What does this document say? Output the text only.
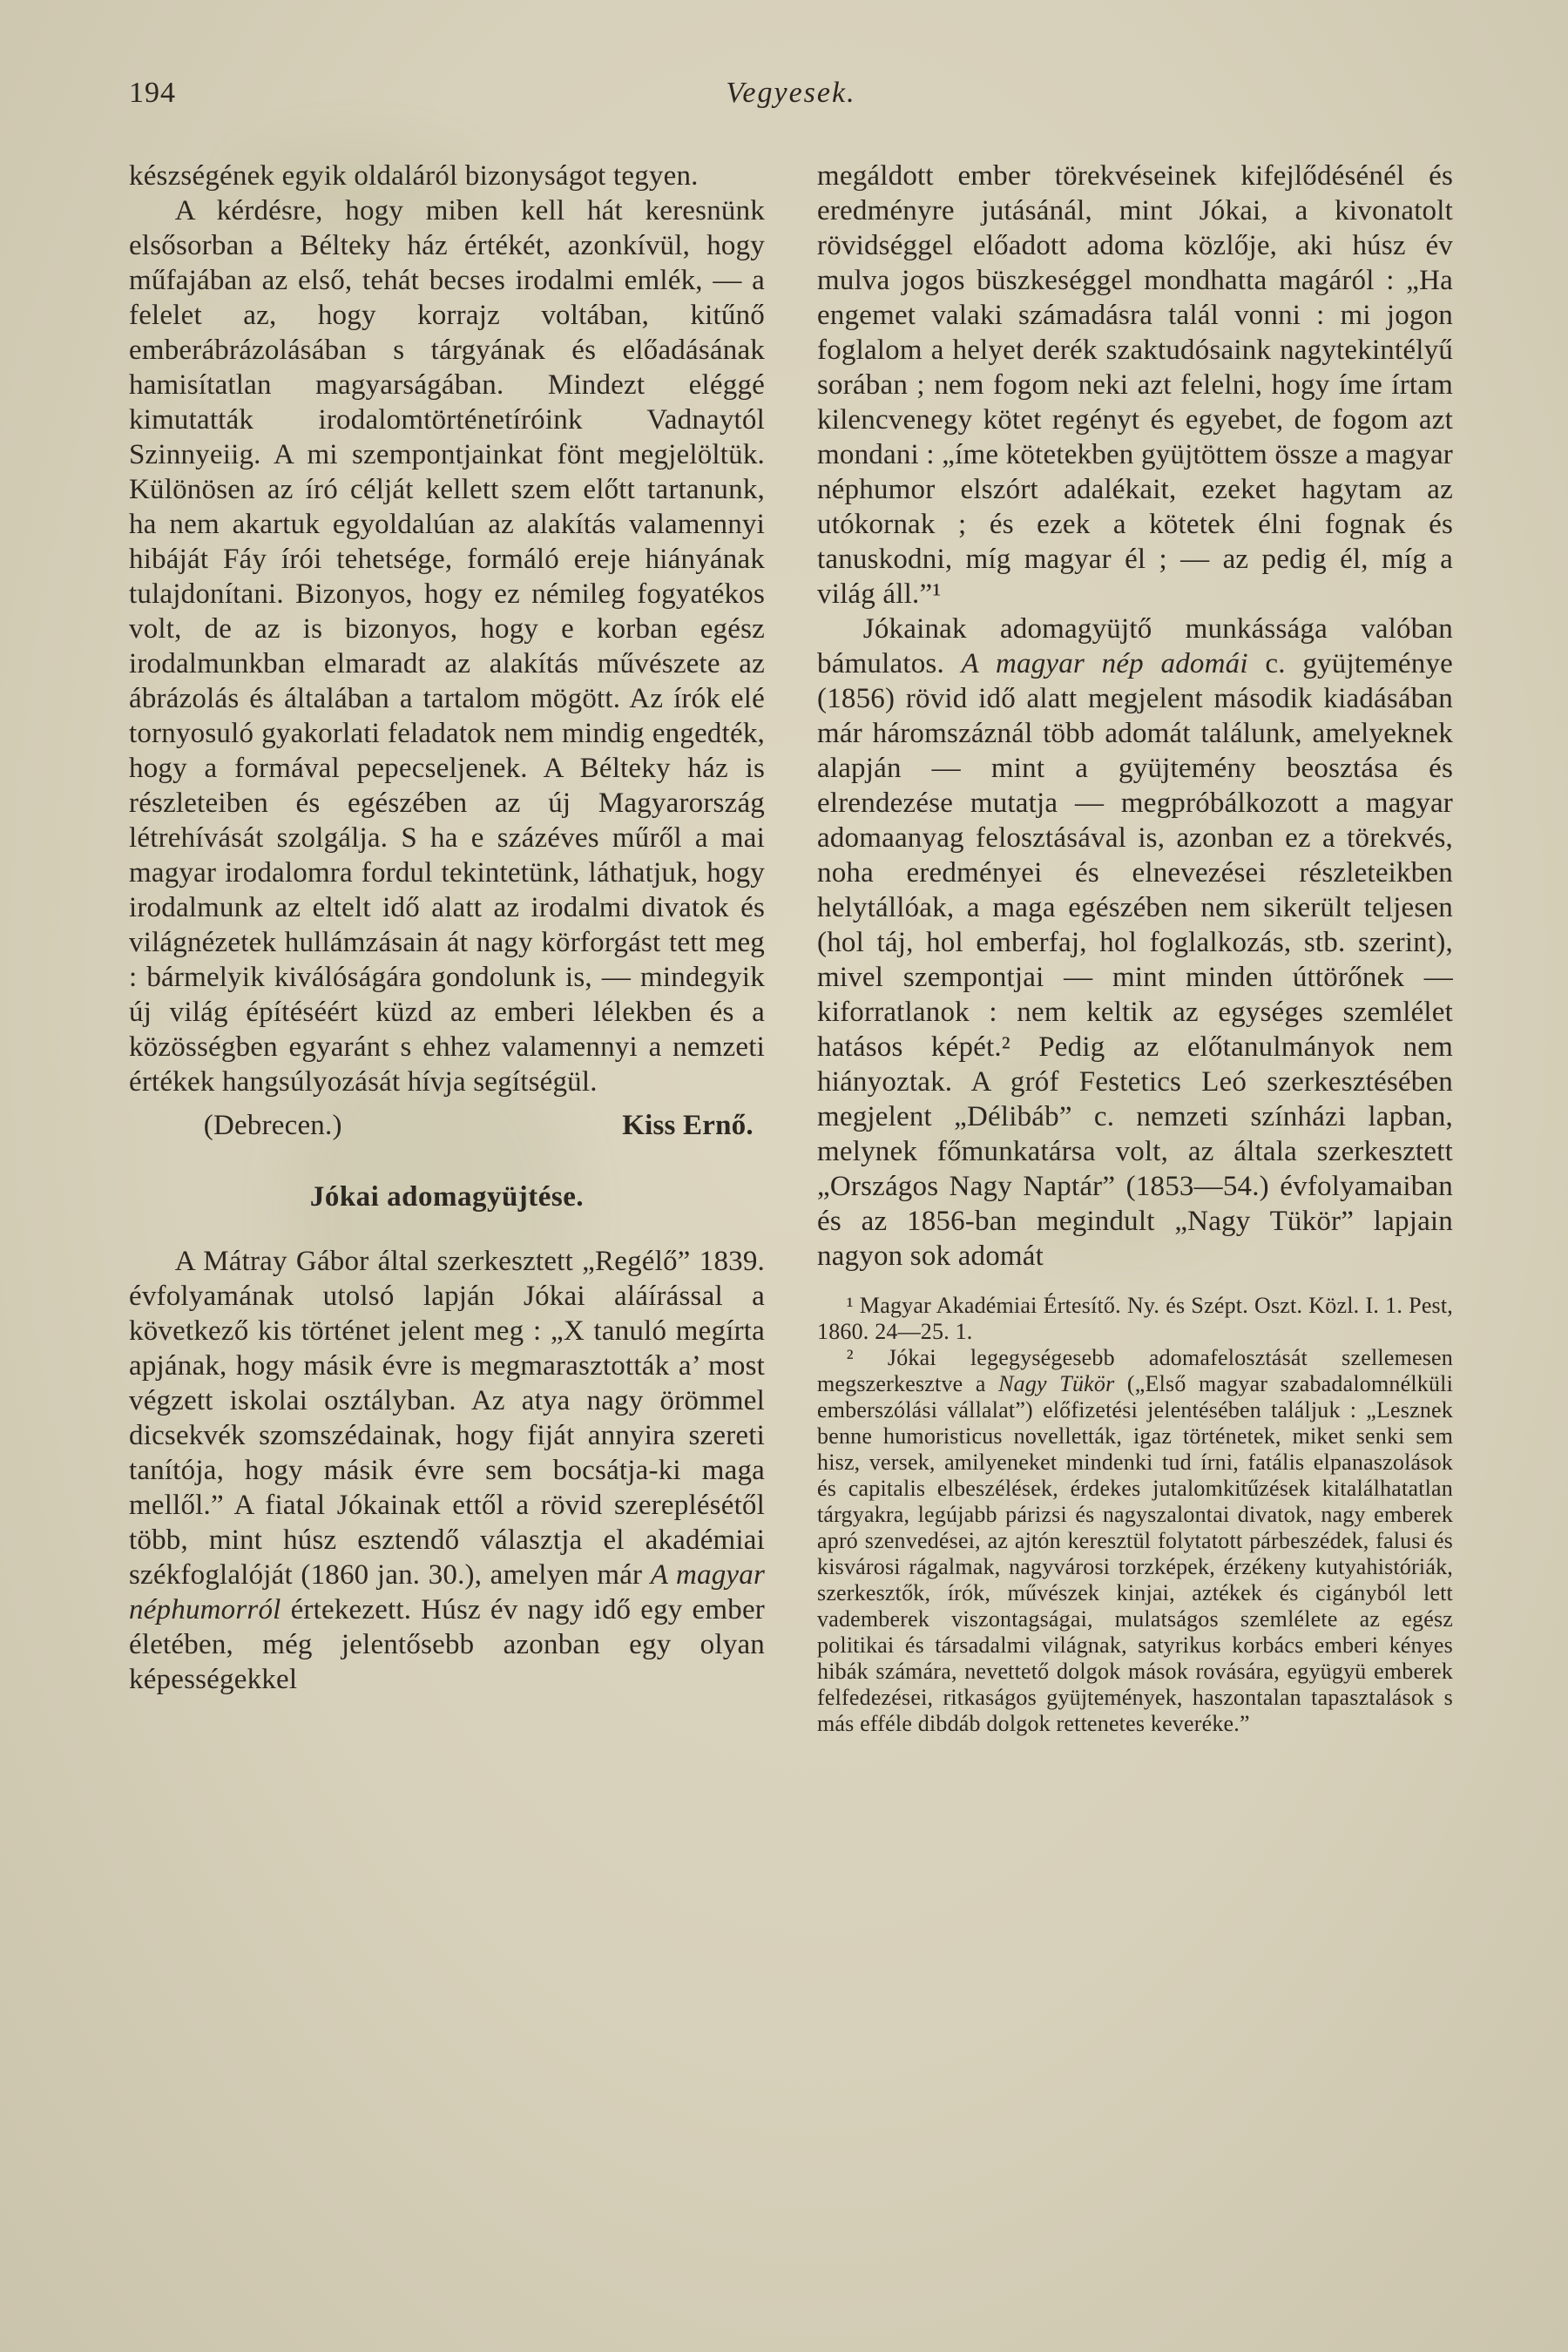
194	Vegyesek.

készségének egyik oldaláról bizonyságot tegyen.

A kérdésre, hogy miben kell hát keresnünk elsősorban a Bélteky ház értékét, azonkívül, hogy műfajában az első, tehát becses irodalmi emlék, — a felelet az, hogy korrajz voltában, kitűnő emberábrázolásában s tárgyának és előadásának hamisítatlan magyarságában. Mindezt eléggé kimutatták irodalomtörténetíróink Vadnaytól Szinnyeiig. A mi szempontjainkat fönt megjelöltük. Különösen az író célját kellett szem előtt tartanunk, ha nem akartuk egyoldalúan az alakítás valamennyi hibáját Fáy írói tehetsége, formáló ereje hiányának tulajdonítani. Bizonyos, hogy ez némileg fogyatékos volt, de az is bizonyos, hogy e korban egész irodalmunkban elmaradt az alakítás művészete az ábrázolás és általában a tartalom mögött. Az írók elé tornyosuló gyakorlati feladatok nem mindig engedték, hogy a formával pepecseljenek. A Bélteky ház is részleteiben és egészében az új Magyarország létrehívását szolgálja. S ha e százéves műről a mai magyar irodalomra fordul tekintetünk, láthatjuk, hogy irodalmunk az eltelt idő alatt az irodalmi divatok és világnézetek hullámzásain át nagy körforgást tett meg : bármelyik kiválóságára gondolunk is, — mindegyik új világ építéséért küzd az emberi lélekben és a közösségben egyaránt s ehhez valamennyi a nemzeti értékek hangsúlyozását hívja segítségül.

(Debrecen.)	Kiss Ernő.
Jókai adomagyüjtése.

A Mátray Gábor által szerkesztett „Regélő” 1839. évfolyamának utolsó lapján Jókai aláírással a következő kis történet jelent meg : „X tanuló megírta apjának, hogy másik évre is megmarasztották a’ most végzett iskolai osztályban. Az atya nagy örömmel dicsekvék szomszédainak, hogy fiját annyira szereti tanítója, hogy másik évre sem bocsátja-ki maga mellől.” A fiatal Jókainak ettől a rövid szereplésétől több, mint húsz esztendő választja el akadémiai székfoglalóját (1860 jan. 30.), amelyen már A magyar néphumorról értekezett. Húsz év nagy idő egy ember életében, még jelentősebb azonban egy olyan képességekkel

megáldott ember törekvéseinek kifejlődésénél és eredményre jutásánál, mint Jókai, a kivonatolt rövidséggel előadott adoma közlője, aki húsz év mulva jogos büszkeséggel mondhatta magáról : „Ha engemet valaki számadásra talál vonni : mi jogon foglalom a helyet derék szaktudósaink nagytekintélyű sorában ; nem fogom neki azt felelni, hogy íme írtam kilencvenegy kötet regényt és egyebet, de fogom azt mondani : „íme kötetekben gyüjtöttem össze a magyar néphumor elszórt adalékait, ezeket hagytam az utókornak ; és ezek a kötetek élni fognak és tanuskodni, míg magyar él ; — az pedig él, míg a világ áll.”¹

Jókainak adomagyüjtő munkássága valóban bámulatos. A magyar nép adomái c. gyüjteménye (1856) rövid idő alatt megjelent második kiadásában már háromszáznál több adomát találunk, amelyeknek alapján — mint a gyüjtemény beosztása és elrendezése mutatja — megpróbálkozott a magyar adomaanyag felosztásával is, azonban ez a törekvés, noha eredményei és elnevezései részleteikben helytállóak, a maga egészében nem sikerült teljesen (hol táj, hol emberfaj, hol foglalkozás, stb. szerint), mivel szempontjai — mint minden úttörőnek — kiforratlanok : nem keltik az egységes szemlélet hatásos képét.² Pedig az előtanulmányok nem hiányoztak. A gróf Festetics Leó szerkesztésében megjelent „Délibáb” c. nemzeti színházi lapban, melynek főmunkatársa volt, az általa szerkesztett „Országos Nagy Naptár” (1853—54.) évfolyamaiban és az 1856-ban megindult „Nagy Tükör” lapjain nagyon sok adomát

¹ Magyar Akadémiai Értesítő. Ny. és Szépt. Oszt. Közl. I. 1. Pest, 1860. 24—25. 1.

² Jókai legegységesebb adomafelosztását szellemesen megszerkesztve a Nagy Tükör („Első magyar szabadalomnélküli emberszólási vállalat”) előfizetési jelentésében találjuk : „Lesznek benne humoristicus novelletták, igaz történetek, miket senki sem hisz, versek, amilyeneket mindenki tud írni, fatális elpanaszolások és capitalis elbeszélések, érdekes jutalomkitűzések kitalálhatatlan tárgyakra, legújabb párizsi és nagyszalontai divatok, nagy emberek apró szenvedései, az ajtón keresztül folytatott párbeszédek, falusi és kisvárosi rágalmak, nagyvárosi torzképek, érzékeny kutyahistóriák, szerkesztők, írók, művészek kinjai, aztékek és cigányból lett vademberek viszontagságai, mulatságos szemlélete az egész politikai és társadalmi világnak, satyrikus korbács emberi kényes hibák számára, nevettető dolgok mások rovására, együgyü emberek felfedezései, ritkaságos gyüjtemények, haszontalan tapasztalások s más efféle dibdáb dolgok rettenetes keveréke.”
